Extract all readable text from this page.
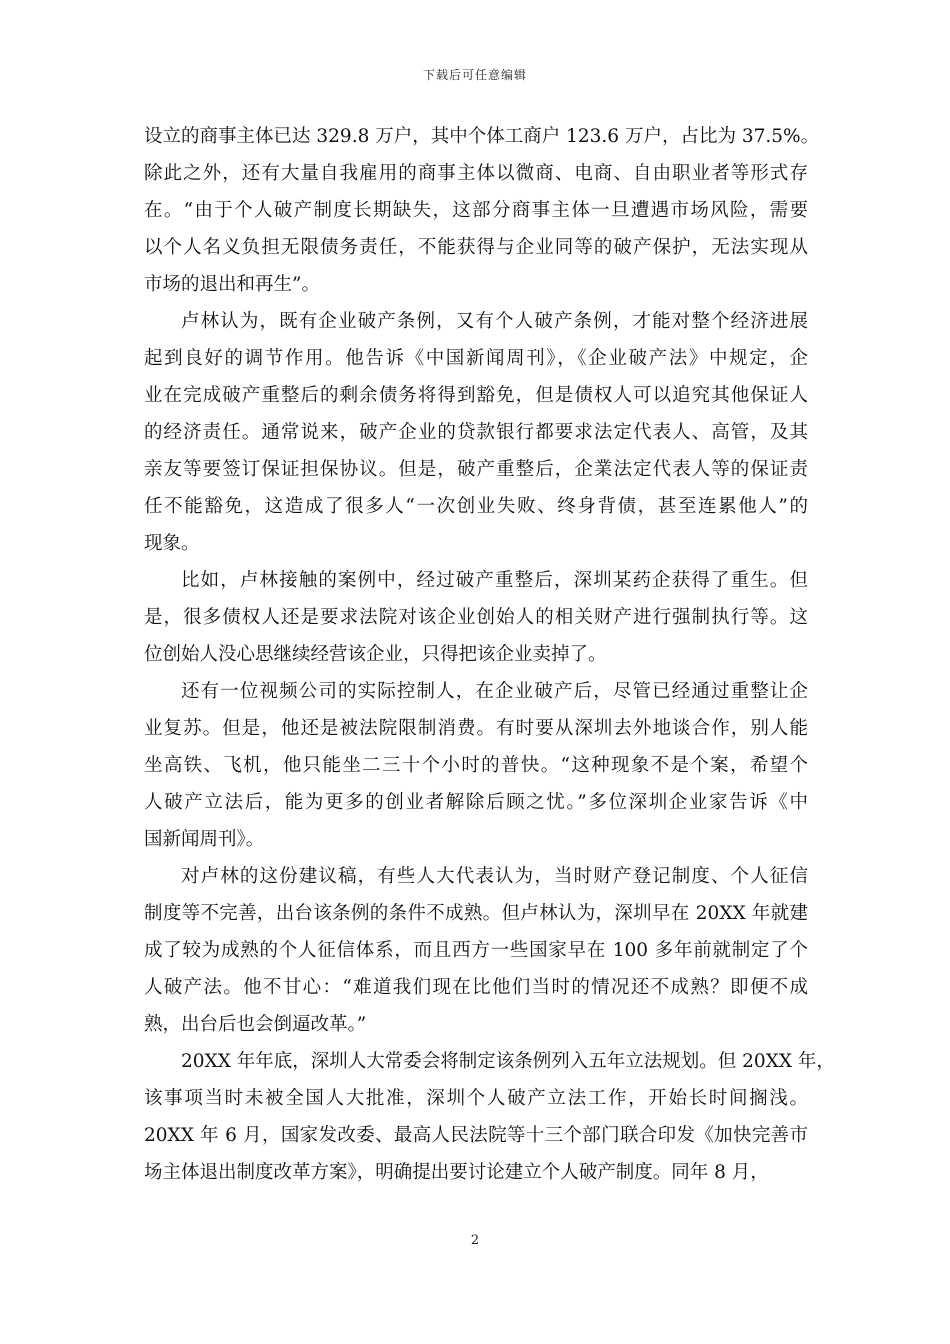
下载后可任意编辑
设立的商事主体已达 329.8 万户，其中个体工商户 123.6 万户，占比为 37.5%。
除此之外，还有大量自我雇用的商事主体以微商、电商、自由职业者等形式存
在。“由于个人破产制度长期缺失，这部分商事主体一旦遭遇市场风险，需要
以个人名义负担无限债务责任，不能获得与企业同等的破产保护，无法实现从
市场的退出和再生”。
卢林认为，既有企业破产条例，又有个人破产条例，才能对整个经济进展
起到良好的调节作用。他告诉《中国新闻周刊》，《企业破产法》中规定，企
业在完成破产重整后的剩余债务将得到豁免，但是债权人可以追究其他保证人
的经济责任。通常说来，破产企业的贷款银行都要求法定代表人、高管，及其
亲友等要签订保证担保协议。但是，破产重整后，企業法定代表人等的保证责
任不能豁免，这造成了很多人“一次创业失败、终身背债，甚至连累他人”的
现象。
比如，卢林接触的案例中，经过破产重整后，深圳某药企获得了重生。但
是，很多债权人还是要求法院对该企业创始人的相关财产进行强制执行等。这
位创始人没心思继续经营该企业，只得把该企业卖掉了。
还有一位视频公司的实际控制人，在企业破产后，尽管已经通过重整让企
业复苏。但是，他还是被法院限制消费。有时要从深圳去外地谈合作，别人能
坐高铁、飞机，他只能坐二三十个小时的普快。“这种现象不是个案，希望个
人破产立法后，能为更多的创业者解除后顾之忧。”多位深圳企业家告诉《中
国新闻周刊》。
对卢林的这份建议稿，有些人大代表认为，当时财产登记制度、个人征信
制度等不完善，出台该条例的条件不成熟。但卢林认为，深圳早在 20XX 年就建
成了较为成熟的个人征信体系，而且西方一些国家早在 100 多年前就制定了个
人破产法。他不甘心：“难道我们现在比他们当时的情况还不成熟？即便不成
熟，出台后也会倒逼改革。”
20XX 年年底，深圳人大常委会将制定该条例列入五年立法规划。但 20XX 年，
该事项当时未被全国人大批准，深圳个人破产立法工作，开始长时间搁浅。
20XX 年 6 月，国家发改委、最高人民法院等十三个部门联合印发《加快完善市
场主体退出制度改革方案》，明确提出要讨论建立个人破产制度。同年 8 月，
2
